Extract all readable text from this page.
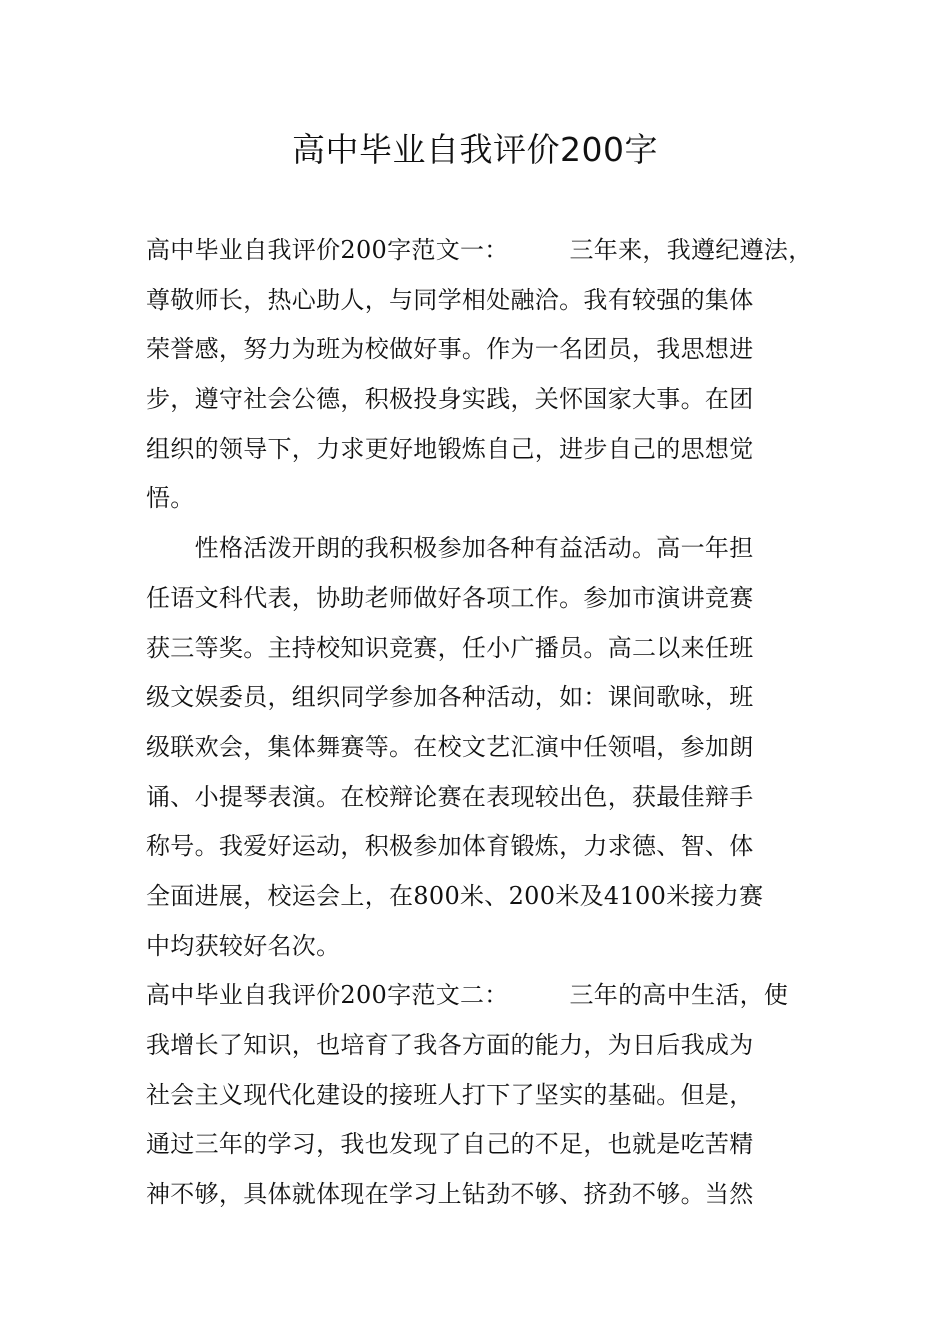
高中毕业自我评价200字
高中毕业自我评价200字范文一：　　　三年来，我遵纪遵法，
尊敬师长，热心助人，与同学相处融洽。我有较强的集体
荣誉感，努力为班为校做好事。作为一名团员，我思想进
步，遵守社会公德，积极投身实践，关怀国家大事。在团
组织的领导下，力求更好地锻炼自己，进步自己的思想觉
悟。
　　性格活泼开朗的我积极参加各种有益活动。高一年担
任语文科代表，协助老师做好各项工作。参加市演讲竞赛
获三等奖。主持校知识竞赛，任小广播员。高二以来任班
级文娱委员，组织同学参加各种活动，如：课间歌咏，班
级联欢会，集体舞赛等。在校文艺汇演中任领唱，参加朗
诵、小提琴表演。在校辩论赛在表现较出色，获最佳辩手
称号。我爱好运动，积极参加体育锻炼，力求德、智、体
全面进展，校运会上，在800米、200米及4100米接力赛
中均获较好名次。
高中毕业自我评价200字范文二：　　　三年的高中生活，使
我增长了知识，也培育了我各方面的能力，为日后我成为
社会主义现代化建设的接班人打下了坚实的基础。但是，
通过三年的学习，我也发现了自己的不足，也就是吃苦精
神不够，具体就体现在学习上钻劲不够、挤劲不够。当然
